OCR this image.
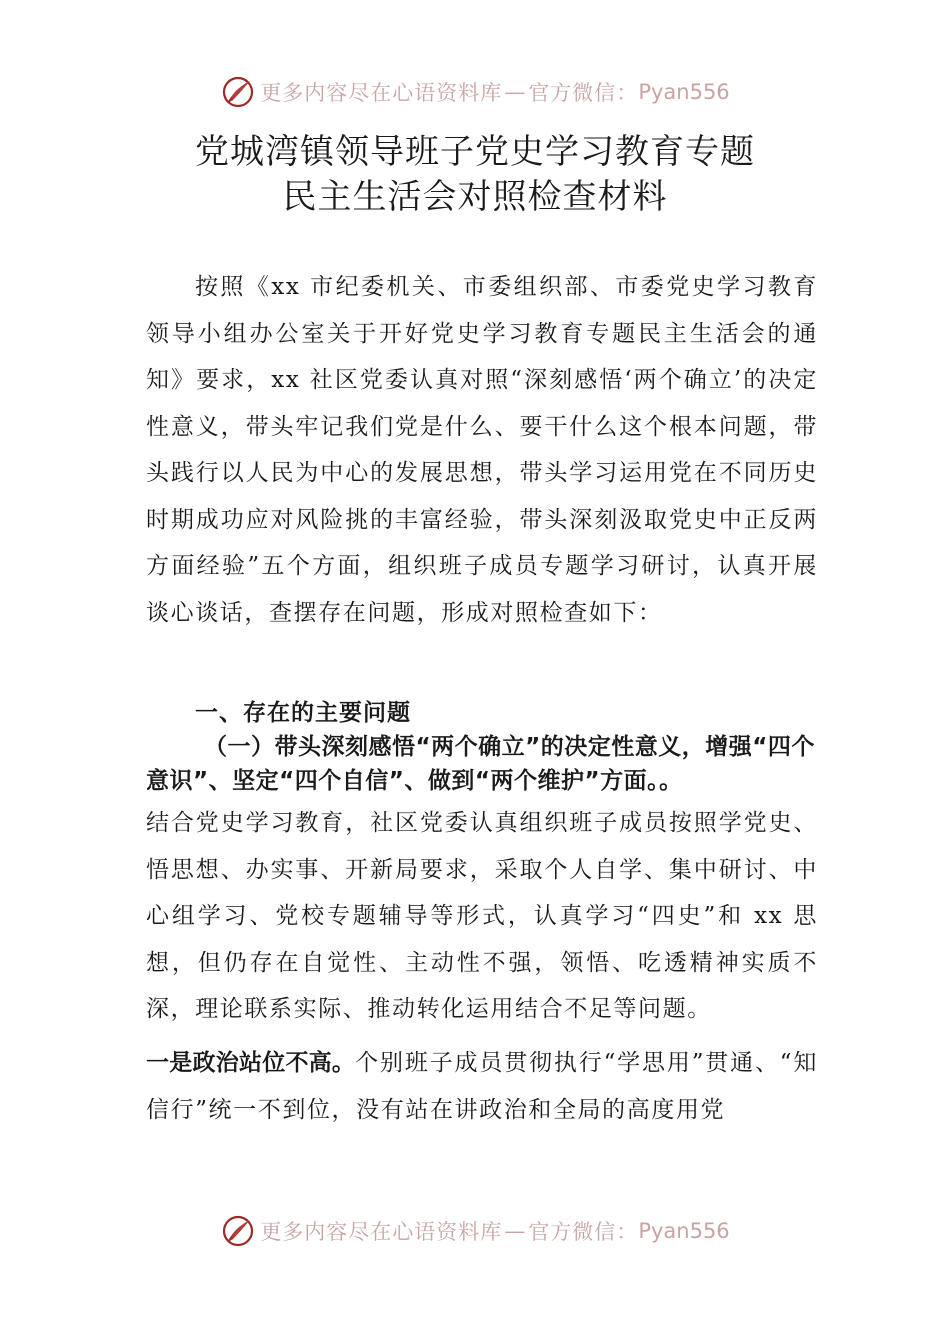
更多内容尽在心语资料库 — 官方微信： Pyan556
党城湾镇领导班子党史学习教育专题
民主生活会对照检查材料
按照《xx 市纪委机关、市委组织部、市委党史学习教育领导小组办公室关于开好党史学习教育专题民主生活会的通知》要求，xx 社区党委认真对照“深刻感悟‘两个确立’的决定性意义，带头牢记我们党是什么、要干什么这个根本问题，带头践行以人民为中心的发展思想，带头学习运用党在不同历史时期成功应对风险挑的丰富经验，带头深刻汲取党史中正反两方面经验”五个方面，组织班子成员专题学习研讨，认真开展谈心谈话，查摆存在问题，形成对照检查如下：
一、存在的主要问题
（一）带头深刻感悟“两个确立”的决定性意义，增强“四个意识”、坚定“四个自信”、做到“两个维护”方面。。
结合党史学习教育，社区党委认真组织班子成员按照学党史、悟思想、办实事、开新局要求，采取个人自学、集中研讨、中心组学习、党校专题辅导等形式，认真学习“四史”和 xx 思想，但仍存在自觉性、主动性不强，领悟、吃透精神实质不深，理论联系实际、推动转化运用结合不足等问题。
一是政治站位不高。个别班子成员贯彻执行“学思用”贯通、“知信行”统一不到位，没有站在讲政治和全局的高度用党
更多内容尽在心语资料库 — 官方微信： Pyan556
